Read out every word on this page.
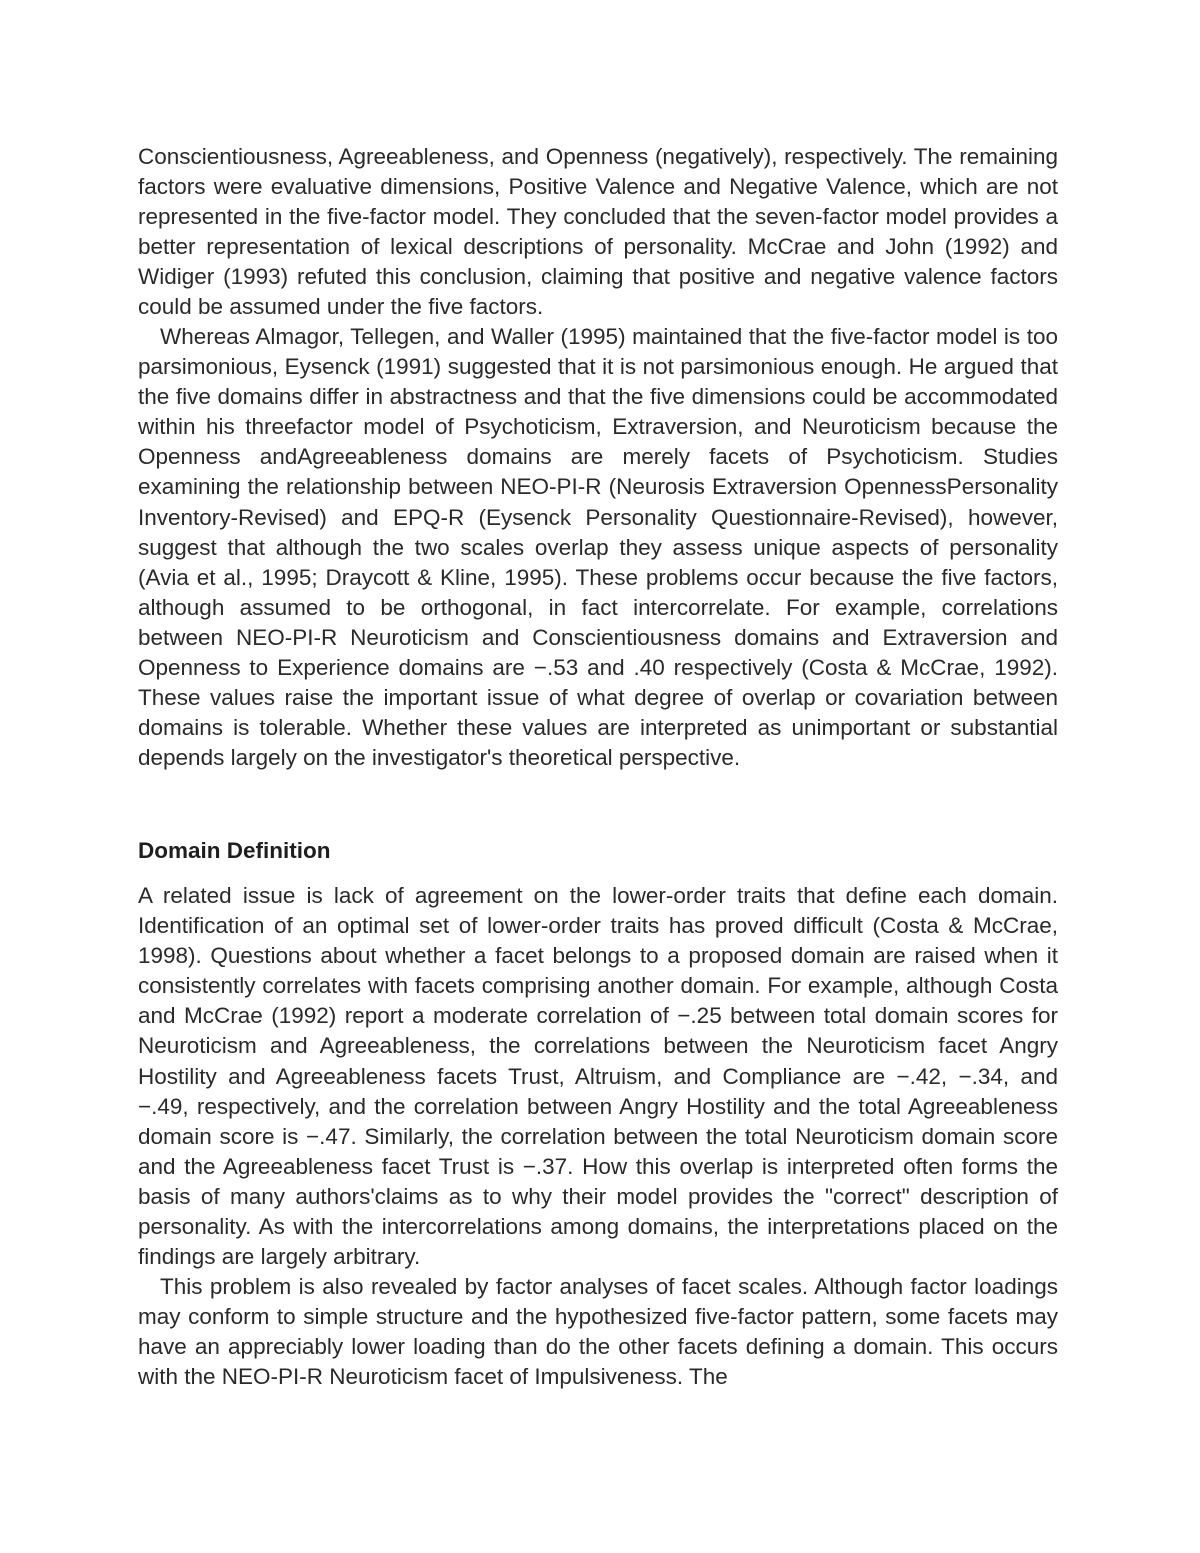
Conscientiousness, Agreeableness, and Openness (negatively), respectively. The remaining factors were evaluative dimensions, Positive Valence and Negative Valence, which are not represented in the five-factor model. They concluded that the seven-factor model provides a better representation of lexical descriptions of personality. McCrae and John (1992) and Widiger (1993) refuted this conclusion, claiming that positive and negative valence factors could be assumed under the five factors.

Whereas Almagor, Tellegen, and Waller (1995) maintained that the five-factor model is too parsimonious, Eysenck (1991) suggested that it is not parsimonious enough. He argued that the five domains differ in abstractness and that the five dimensions could be accommodated within his threefactor model of Psychoticism, Extraversion, and Neuroticism because the Openness andAgreeableness domains are merely facets of Psychoticism. Studies examining the relationship between NEO-PI-R (Neurosis Extraversion OpennessPersonality Inventory-Revised) and EPQ-R (Eysenck Personality Questionnaire-Revised), however, suggest that although the two scales overlap they assess unique aspects of personality (Avia et al., 1995; Draycott & Kline, 1995). These problems occur because the five factors, although assumed to be orthogonal, in fact intercorrelate. For example, correlations between NEO-PI-R Neuroticism and Conscientiousness domains and Extraversion and Openness to Experience domains are −.53 and .40 respectively (Costa & McCrae, 1992). These values raise the important issue of what degree of overlap or covariation between domains is tolerable. Whether these values are interpreted as unimportant or substantial depends largely on the investigator's theoretical perspective.

Domain Definition

A related issue is lack of agreement on the lower-order traits that define each domain. Identification of an optimal set of lower-order traits has proved difficult (Costa & McCrae, 1998). Questions about whether a facet belongs to a proposed domain are raised when it consistently correlates with facets comprising another domain. For example, although Costa and McCrae (1992) report a moderate correlation of −.25 between total domain scores for Neuroticism and Agreeableness, the correlations between the Neuroticism facet Angry Hostility and Agreeableness facets Trust, Altruism, and Compliance are −.42, −.34, and −.49, respectively, and the correlation between Angry Hostility and the total Agreeableness domain score is −.47. Similarly, the correlation between the total Neuroticism domain score and the Agreeableness facet Trust is −.37. How this overlap is interpreted often forms the basis of many authors'claims as to why their model provides the "correct" description of personality. As with the intercorrelations among domains, the interpretations placed on the findings are largely arbitrary.

This problem is also revealed by factor analyses of facet scales. Although factor loadings may conform to simple structure and the hypothesized five-factor pattern, some facets may have an appreciably lower loading than do the other facets defining a domain. This occurs with the NEO-PI-R Neuroticism facet of Impulsiveness. The
